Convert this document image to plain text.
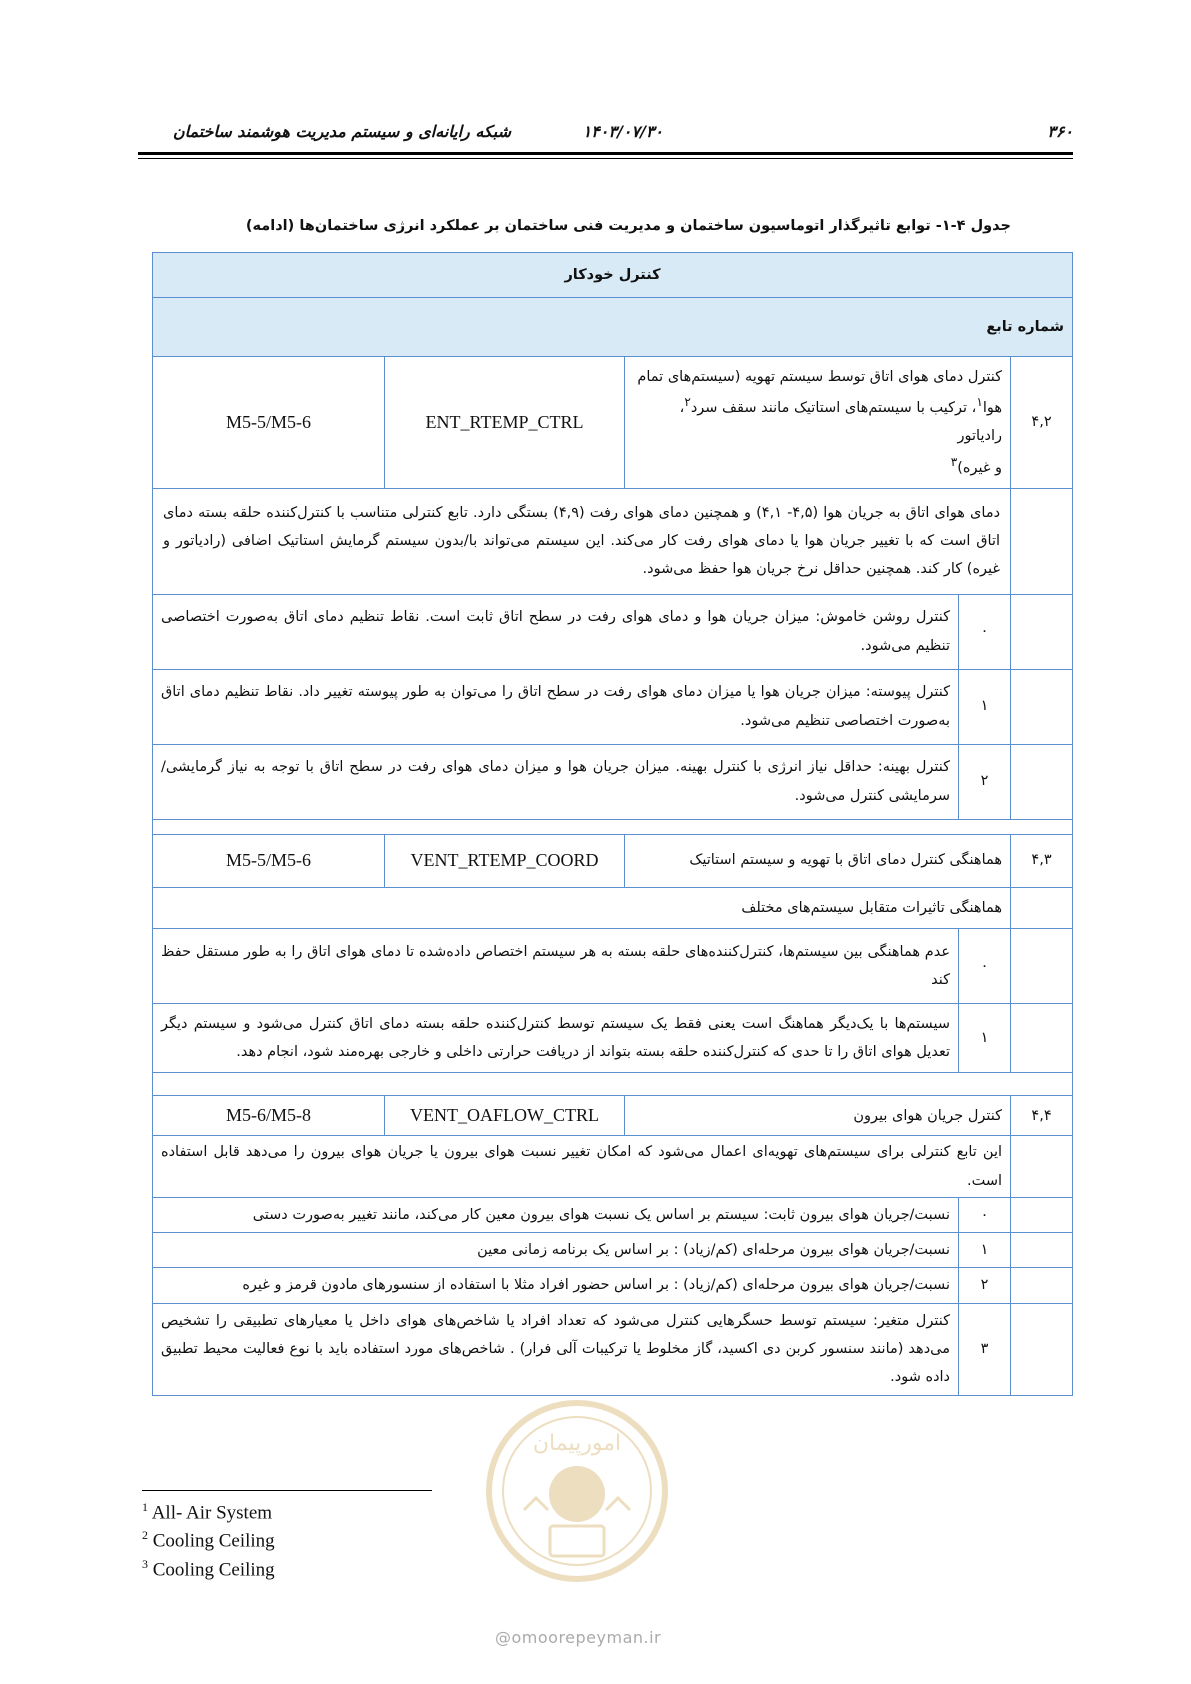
۳۶۰
۱۴۰۳/۰۷/۳۰
شبکه رایانه‌ای و سیستم مدیریت هوشمند ساختمان
جدول ۴-۱- توابع تاثیرگذار اتوماسیون ساختمان و مدیریت فنی ساختمان بر عملکرد انرژی ساختمان‌ها (ادامه)
کنترل خودکار				
شماره تابع				
۴,۲	کنترل دمای هوای اتاق توسط سیستم تهویه (سیستم‌های تمام
هوا$^۱$، ترکیب با سیستم‌های استاتیک مانند سقف سرد$^۲$، رادیاتور
و غیره)$^۳$		ENT_RTEMP_CTRL	M5-5/M5-6
	دمای هوای اتاق به جریان هوا (۴,۵- ۴,۱) و همچنین دمای هوای رفت (۴,۹) بستگی دارد. تابع کنترلی متناسب با کنترل‌کننده حلقه بسته دمای اتاق است که با تغییر جریان هوا یا دمای هوای رفت کار می‌کند. این سیستم می‌تواند با/بدون سیستم گرمایش استاتیک اضافی (رادیاتور و غیره) کار کند. همچنین حداقل نرخ جریان هوا حفظ می‌شود.			
	۰	کنترل روشن خاموش: میزان جریان هوا و دمای هوای رفت در سطح اتاق ثابت است. نقاط تنظیم دمای اتاق به‌صورت اختصاصی تنظیم می‌شود.		
	۱	کنترل پیوسته: میزان جریان هوا یا میزان دمای هوای رفت در سطح اتاق را می‌توان به طور پیوسته تغییر داد. نقاط تنظیم دمای اتاق به‌صورت اختصاصی تنظیم می‌شود.		
	۲	کنترل بهینه: حداقل نیاز انرژی با کنترل بهینه. میزان جریان هوا و میزان دمای هوای رفت در سطح اتاق با توجه به نیاز گرمایشی/سرمایشی کنترل می‌شود.		

۴,۳	هماهنگی کنترل دمای اتاق با تهویه و سیستم استاتیک		VENT_RTEMP_COORD	M5-5/M5-6
	هماهنگی تاثیرات متقابل سیستم‌های مختلف			
	۰	عدم هماهنگی بین سیستم‌ها، کنترل‌کننده‌های حلقه بسته به هر سیستم اختصاص داده‌شده تا دمای هوای اتاق را به طور مستقل حفظ کند		
	۱	سیستم‌ها با یک‌دیگر هماهنگ است یعنی فقط یک سیستم توسط کنترل‌کننده حلقه بسته دمای اتاق کنترل می‌شود و سیستم دیگر تعدیل هوای اتاق را تا حدی که کنترل‌کننده حلقه بسته بتواند از دریافت حرارتی داخلی و خارجی بهره‌مند شود، انجام دهد.		

۴,۴	کنترل جریان هوای بیرون		VENT_OAFLOW_CTRL	M5-6/M5-8
	این تابع کنترلی برای سیستم‌های تهویه‌ای اعمال می‌شود که امکان تغییر نسبت هوای بیرون یا جریان هوای بیرون را می‌دهد قابل استفاده است.			
	۰	نسبت/جریان هوای بیرون ثابت: سیستم بر اساس یک نسبت هوای بیرون معین کار می‌کند، مانند تغییر به‌صورت دستی		
	۱	نسبت/جریان هوای بیرون مرحله‌ای (کم/زیاد) : بر اساس یک برنامه زمانی معین		
	۲	نسبت/جریان هوای بیرون مرحله‌ای (کم/زیاد) : بر اساس حضور افراد مثلا با استفاده از سنسورهای مادون قرمز و غیره		
	۳	کنترل متغیر: سیستم توسط حسگرهایی کنترل می‌شود که تعداد افراد یا شاخص‌های هوای داخل یا معیارهای تطبیقی را تشخیص می‌دهد (مانند سنسور کربن دی اکسید، گاز مخلوط یا ترکیبات آلی فرار) . شاخص‌های مورد استفاده باید با نوع فعالیت محیط تطبیق داده شود.		
$^1$ All- Air System
$^2$ Cooling Ceiling
$^3$ Cooling Ceiling
امورپیمان
@omoorepeyman.ir
